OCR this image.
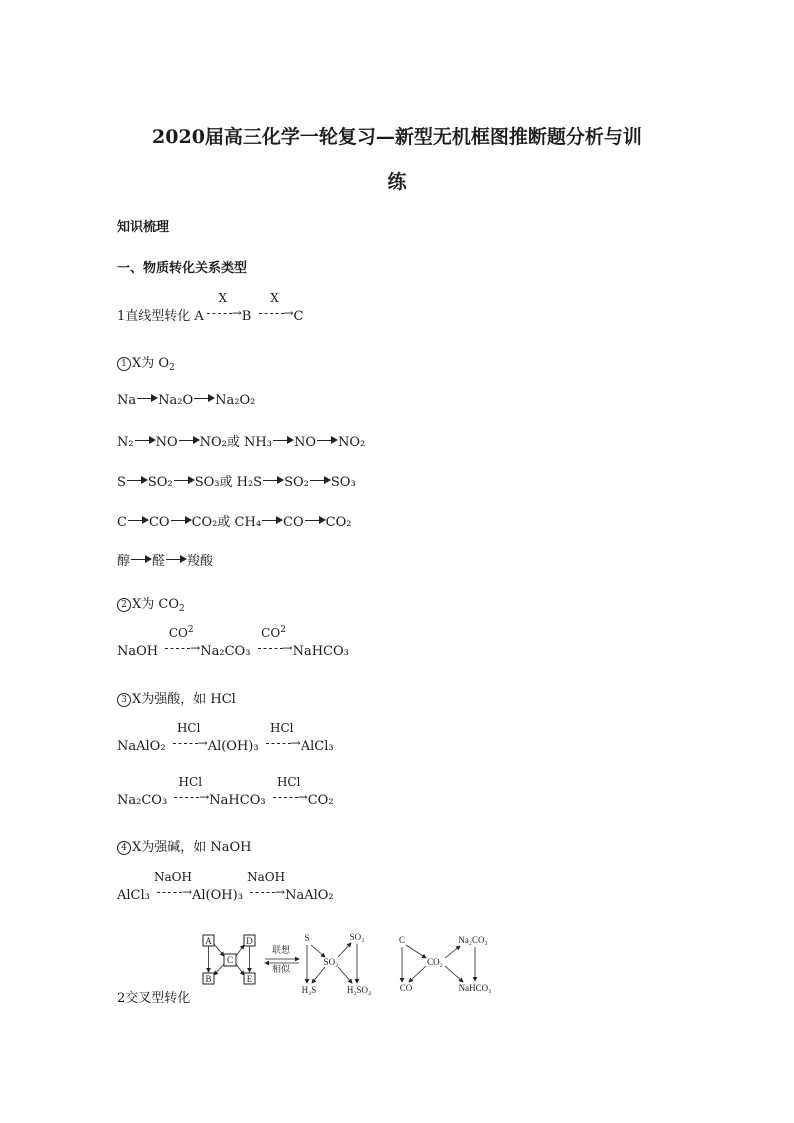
2020届高三化学一轮复习—新型无机框图推断题分析与训
练
知识梳理
一、物质转化关系类型
1直线型转化 A
X
→ B
X
→ C
1 X为 $O_2$
Na Na₂O Na₂O₂
N₂ NO NO₂或 NH₃ NO NO₂
S SO₂ SO₃或 H₂S SO₂ SO₃
C CO CO₂或 CH₄ CO CO₂
醇 醛 羧酸
2 X为 $CO_2$
NaOH
$CO^2$
→ Na₂CO₃
$CO^2$
→ NaHCO₃
3 X为强酸，如 HCl
NaAlO₂
HCl
→ Al(OH)₃
HCl
→ AlCl₃
Na₂CO₃
HCl
→ NaHCO₃
HCl
→ CO₂
4 X为强碱，如 NaOH
AlCl₃
NaOH
→ Al(OH)₃
NaOH
→ NaAlO₂
2交叉型转化
A
B
C
D
E
联想
相似
S	SO₃
SO₂
H₂S	H₂SO₄
C	Na₂CO₃
CO₂
CO	NaHCO₃
